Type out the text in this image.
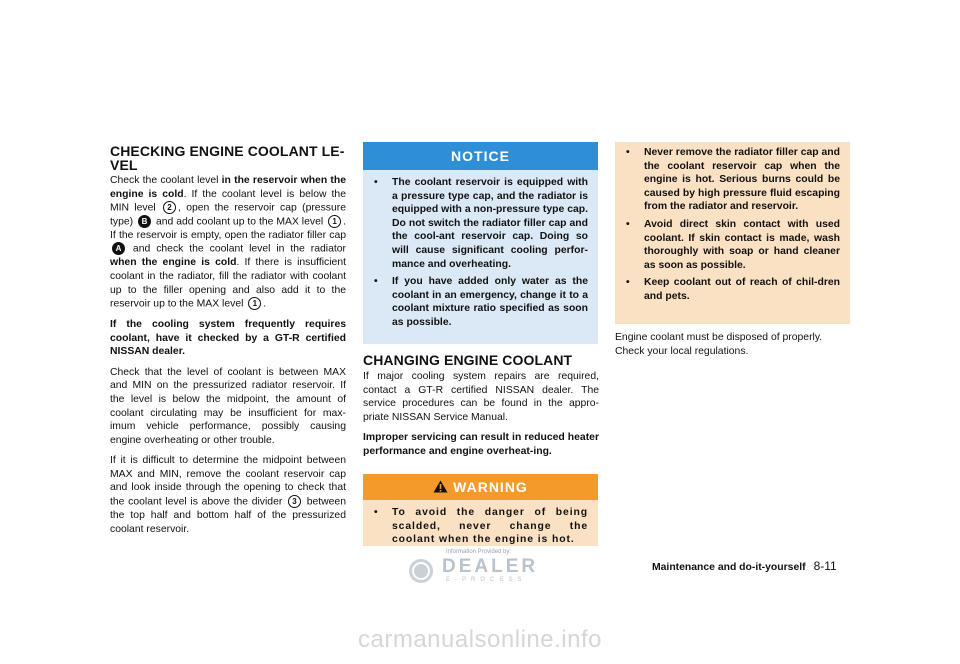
CHECKING ENGINE COOLANT LE-VEL

Check the coolant level in the reservoir when the engine is cold. If the coolant level is below the MIN level 2 , open the reservoir cap (pressure type) B and add coolant up to the MAX level 1 . If the reservoir is empty, open the radiator filler cap A and check the coolant level in the radiator when the engine is cold. If there is insufficient coolant in the radiator, fill the radiator with coolant up to the filler opening and also add it to the reservoir up to the MAX level 1 .

If the cooling system frequently requires coolant, have it checked by a GT-R certified NISSAN dealer.

Check that the level of coolant is between MAX and MIN on the pressurized radiator reservoir. If the level is below the midpoint, the amount of coolant circulating may be insufficient for max-imum vehicle performance, possibly causing engine overheating or other trouble.

If it is difficult to determine the midpoint between MAX and MIN, remove the coolant reservoir cap and look inside through the opening to check that the coolant level is above the divider 3 between the top half and bottom half of the pressurized coolant reservoir.

NOTICE
• The coolant reservoir is equipped with a pressure type cap, and the radiator is equipped with a non-pressure type cap. Do not switch the radiator filler cap and the cool-ant reservoir cap. Doing so will cause significant cooling perfor-mance and overheating.
• If you have added only water as the coolant in an emergency, change it to a coolant mixture ratio specified as soon as possible.
CHANGING ENGINE COOLANT

If major cooling system repairs are required, contact a GT-R certified NISSAN dealer. The service procedures can be found in the appro-priate NISSAN Service Manual.

Improper servicing can result in reduced heater performance and engine overheat-ing.

WARNING
• To avoid the danger of being scalded, never change the coolant when the engine is hot.
• Never remove the radiator filler cap and the coolant reservoir cap when the engine is hot. Serious burns could be caused by high pressure fluid escaping from the radiator and reservoir.
• Avoid direct skin contact with used coolant. If skin contact is made, wash thoroughly with soap or hand cleaner as soon as possible.
• Keep coolant out of reach of chil-dren and pets.

Engine coolant must be disposed of properly. Check your local regulations.

Information Provided by:
DEALER
E-PROCESS
Maintenance and do-it-yourself 8-11
carmanualsonline.info
